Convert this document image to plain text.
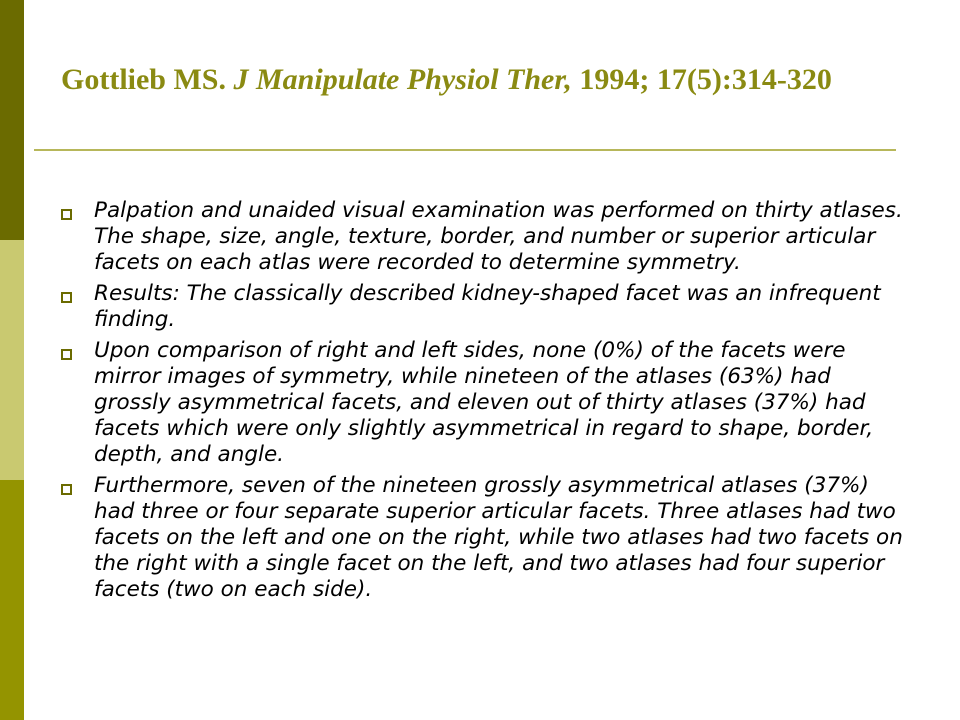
Gottlieb MS. J Manipulate Physiol Ther, 1994; 17(5):314-320
Palpation and unaided visual examination was performed on thirty atlases. The shape, size, angle, texture, border, and number or superior articular facets on each atlas were recorded to determine symmetry.
Results: The classically described kidney-shaped facet was an infrequent finding.
Upon comparison of right and left sides, none (0%) of the facets were mirror images of symmetry, while nineteen of the atlases (63%) had grossly asymmetrical facets, and eleven out of thirty atlases (37%) had facets which were only slightly asymmetrical in regard to shape, border, depth, and angle.
Furthermore, seven of the nineteen grossly asymmetrical atlases (37%) had three or four separate superior articular facets. Three atlases had two facets on the left and one on the right, while two atlases had two facets on the right with a single facet on the left, and two atlases had four superior facets (two on each side).
